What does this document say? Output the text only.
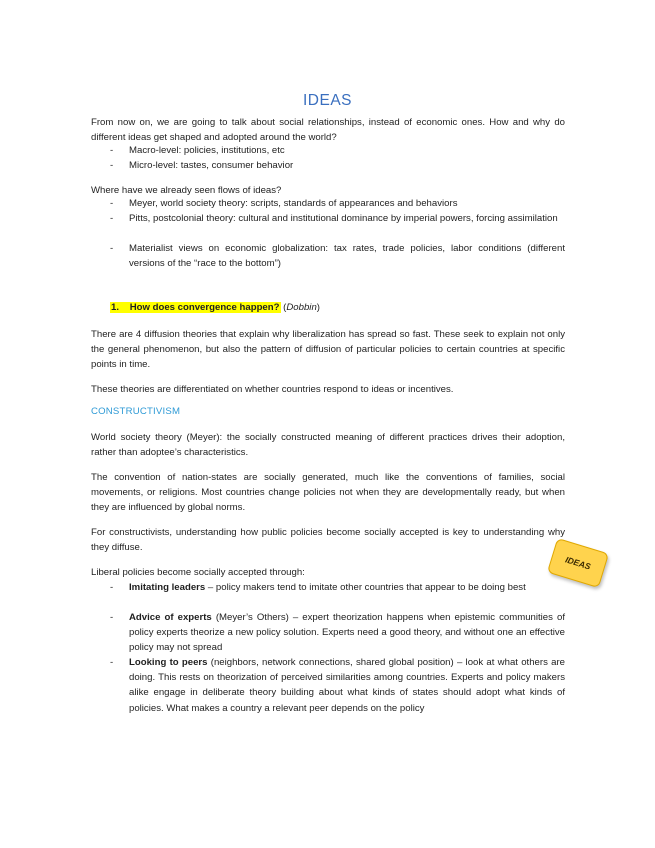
IDEAS
From now on, we are going to talk about social relationships, instead of economic ones. How and why do different ideas get shaped and adopted around the world?
- Macro-level: policies, institutions, etc
- Micro-level: tastes, consumer behavior
Where have we already seen flows of ideas?
- Meyer, world society theory: scripts, standards of appearances and behaviors
- Pitts, postcolonial theory: cultural and institutional dominance by imperial powers, forcing assimilation
- Materialist views on economic globalization: tax rates, trade policies, labor conditions (different versions of the “race to the bottom”)
1. How does convergence happen? (Dobbin)
There are 4 diffusion theories that explain why liberalization has spread so fast. These seek to explain not only the general phenomenon, but also the pattern of diffusion of particular policies to certain countries at specific points in time.
These theories are differentiated on whether countries respond to ideas or incentives.
CONSTRUCTIVISM
World society theory (Meyer): the socially constructed meaning of different practices drives their adoption, rather than adoptee’s characteristics.
The convention of nation-states are socially generated, much like the conventions of families, social movements, or religions. Most countries change policies not when they are developmentally ready, but when they are influenced by global norms.
For constructivists, understanding how public policies become socially accepted is key to understanding why they diffuse.
Liberal policies become socially accepted through:
- Imitating leaders – policy makers tend to imitate other countries that appear to be doing best
- Advice of experts (Meyer’s Others) – expert theorization happens when epistemic communities of policy experts theorize a new policy solution. Experts need a good theory, and without one an effective policy may not spread
- Looking to peers (neighbors, network connections, shared global position) – look at what others are doing. This rests on theorization of perceived similarities among countries. Experts and policy makers alike engage in deliberate theory building about what kinds of states should adopt what kinds of policies. What makes a country a relevant peer depends on the policy
IDEAS
